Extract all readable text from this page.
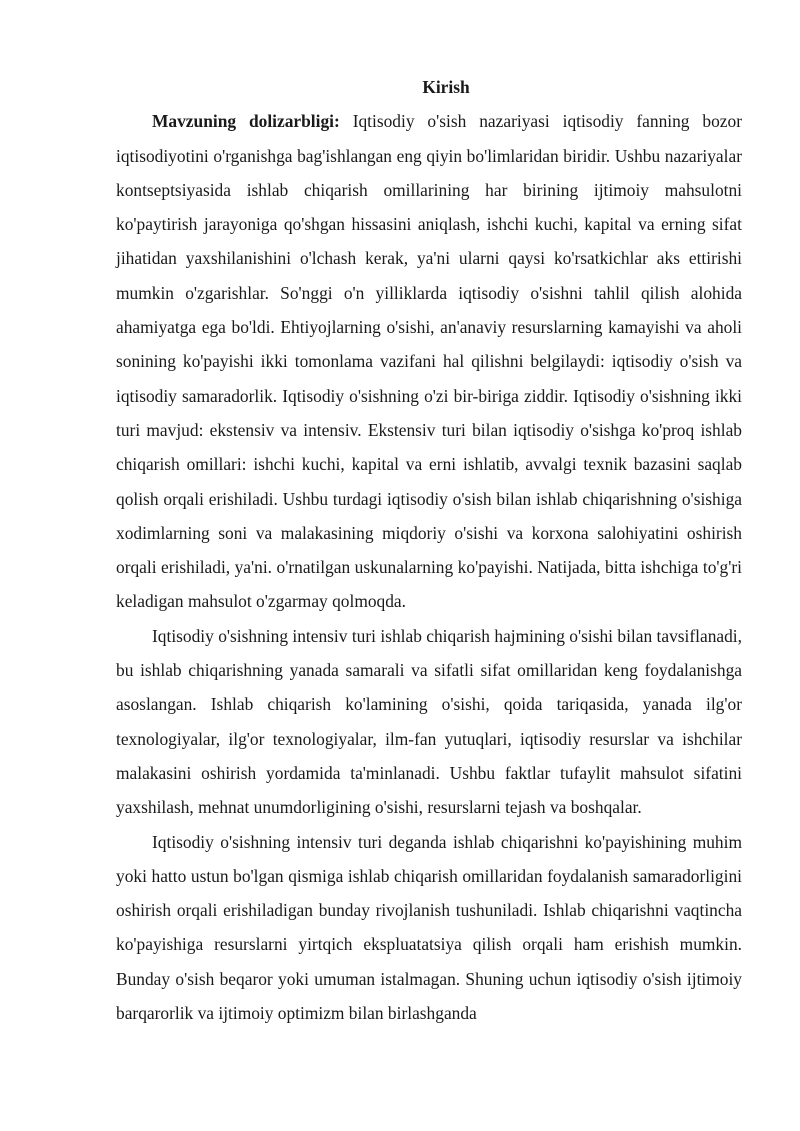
Kirish

Mavzuning dolizarbligi: Iqtisodiy o'sish nazariyasi iqtisodiy fanning bozor iqtisodiyotini o'rganishga bag'ishlangan eng qiyin bo'limlaridan biridir. Ushbu nazariyalar kontseptsiyasida ishlab chiqarish omillarining har birining ijtimoiy mahsulotni ko'paytirish jarayoniga qo'shgan hissasini aniqlash, ishchi kuchi, kapital va erning sifat jihatidan yaxshilanishini o'lchash kerak, ya'ni ularni qaysi ko'rsatkichlar aks ettirishi mumkin o'zgarishlar. So'nggi o'n yilliklarda iqtisodiy o'sishni tahlil qilish alohida ahamiyatga ega bo'ldi. Ehtiyojlarning o'sishi, an'anaviy resurslarning kamayishi va aholi sonining ko'payishi ikki tomonlama vazifani hal qilishni belgilaydi: iqtisodiy o'sish va iqtisodiy samaradorlik. Iqtisodiy o'sishning o'zi bir-biriga ziddir. Iqtisodiy o'sishning ikki turi mavjud: ekstensiv va intensiv. Ekstensiv turi bilan iqtisodiy o'sishga ko'proq ishlab chiqarish omillari: ishchi kuchi, kapital va erni ishlatib, avvalgi texnik bazasini saqlab qolish orqali erishiladi. Ushbu turdagi iqtisodiy o'sish bilan ishlab chiqarishning o'sishiga xodimlarning soni va malakasining miqdoriy o'sishi va korxona salohiyatini oshirish orqali erishiladi, ya'ni. o'rnatilgan uskunalarning ko'payishi. Natijada, bitta ishchiga to'g'ri keladigan mahsulot o'zgarmay qolmoqda.

Iqtisodiy o'sishning intensiv turi ishlab chiqarish hajmining o'sishi bilan tavsiflanadi, bu ishlab chiqarishning yanada samarali va sifatli sifat omillaridan keng foydalanishga asoslangan. Ishlab chiqarish ko'lamining o'sishi, qoida tariqasida, yanada ilg'or texnologiyalar, ilg'or texnologiyalar, ilm-fan yutuqlari, iqtisodiy resurslar va ishchilar malakasini oshirish yordamida ta'minlanadi. Ushbu faktlar tufaylit mahsulot sifatini yaxshilash, mehnat unumdorligining o'sishi, resurslarni tejash va boshqalar.

Iqtisodiy o'sishning intensiv turi deganda ishlab chiqarishni ko'payishining muhim yoki hatto ustun bo'lgan qismiga ishlab chiqarish omillaridan foydalanish samaradorligini oshirish orqali erishiladigan bunday rivojlanish tushuniladi. Ishlab chiqarishni vaqtincha ko'payishiga resurslarni yirtqich ekspluatatsiya qilish orqali ham erishish mumkin. Bunday o'sish beqaror yoki umuman istalmagan. Shuning uchun iqtisodiy o'sish ijtimoiy barqarorlik va ijtimoiy optimizm bilan birlashganda
